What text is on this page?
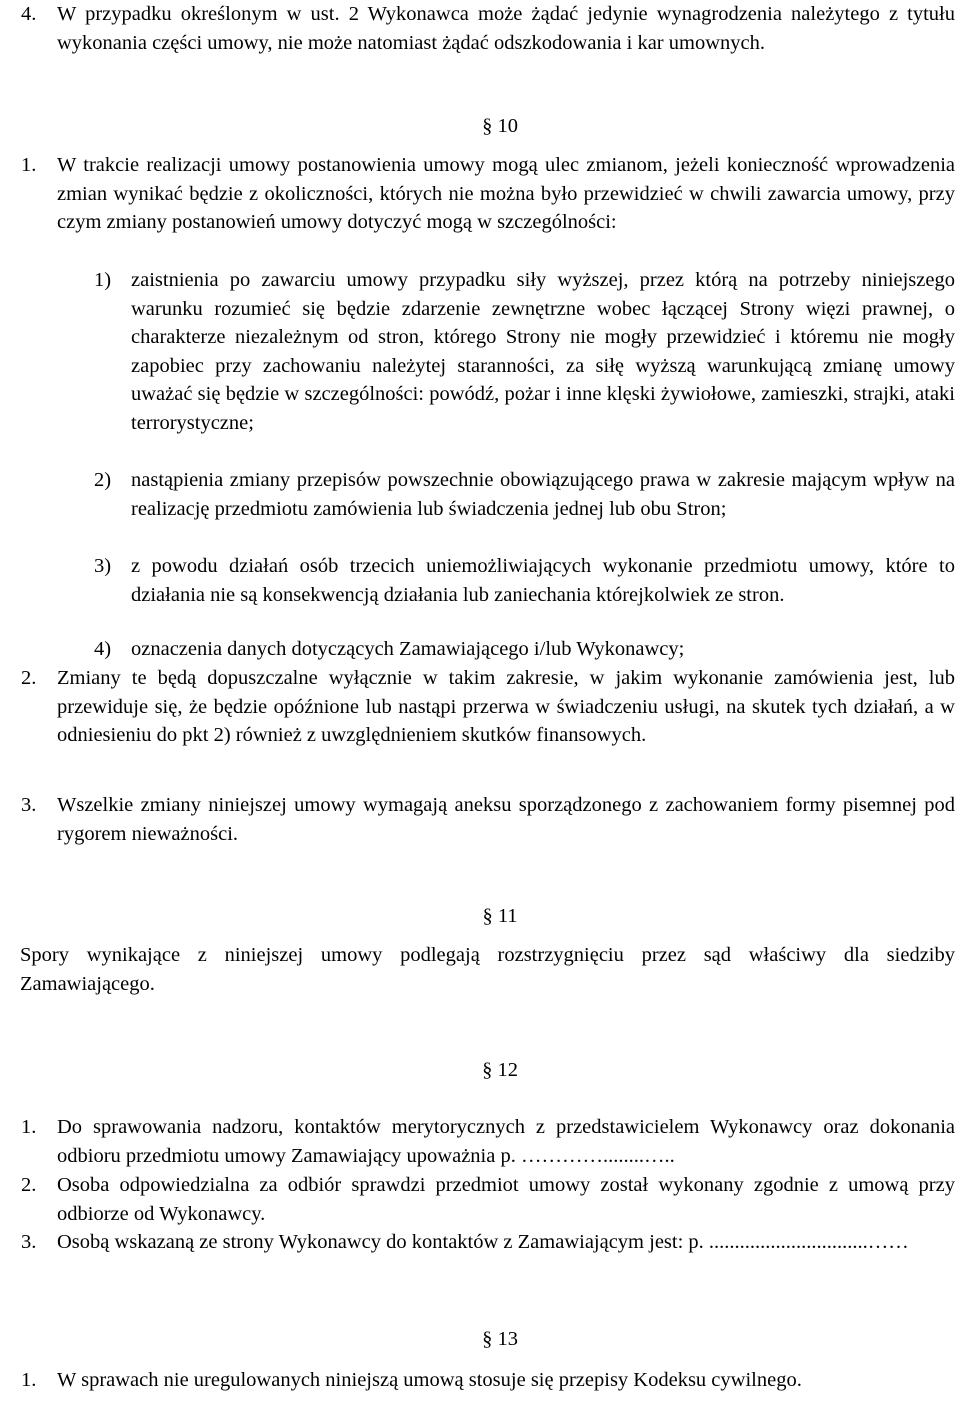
4. W przypadku określonym w ust. 2 Wykonawca może żądać jedynie wynagrodzenia należytego z tytułu wykonania części umowy, nie może natomiast żądać odszkodowania i kar umownych.
§ 10
1. W trakcie realizacji umowy postanowienia umowy mogą ulec zmianom, jeżeli konieczność wprowadzenia zmian wynikać będzie z okoliczności, których nie można było przewidzieć w chwili zawarcia umowy, przy czym zmiany postanowień umowy dotyczyć mogą w szczególności:
1) zaistnienia po zawarciu umowy przypadku siły wyższej, przez którą na potrzeby niniejszego warunku rozumieć się będzie zdarzenie zewnętrzne wobec łączącej Strony więzi prawnej, o charakterze niezależnym od stron, którego Strony nie mogły przewidzieć i któremu nie mogły zapobiec przy zachowaniu należytej staranności, za siłę wyższą warunkującą zmianę umowy uważać się będzie w szczególności: powódź, pożar i inne klęski żywiołowe, zamieszki, strajki, ataki terrorystyczne;
2) nastąpienia zmiany przepisów powszechnie obowiązującego prawa w zakresie mającym wpływ na realizację przedmiotu zamówienia lub świadczenia jednej lub obu Stron;
3) z powodu działań osób trzecich uniemożliwiających wykonanie przedmiotu umowy, które to działania nie są konsekwencją działania lub zaniechania którejkolwiek ze stron.
4) oznaczenia danych dotyczących Zamawiającego i/lub Wykonawcy;
2. Zmiany te będą dopuszczalne wyłącznie w takim zakresie, w jakim wykonanie zamówienia jest, lub przewiduje się, że będzie opóźnione lub nastąpi przerwa w świadczeniu usługi, na skutek tych działań, a w odniesieniu do pkt 2) również z uwzględnieniem skutków finansowych.
3. Wszelkie zmiany niniejszej umowy wymagają aneksu sporządzonego z zachowaniem formy pisemnej pod rygorem nieważności.
§ 11
Spory wynikające z niniejszej umowy podlegają rozstrzygnięciu przez sąd właściwy dla siedziby Zamawiającego.
§ 12
1. Do sprawowania nadzoru, kontaktów merytorycznych z przedstawicielem Wykonawcy oraz dokonania odbioru przedmiotu umowy Zamawiający upoważnia p. …………........…..
2. Osoba odpowiedzialna za odbiór sprawdzi przedmiot umowy został wykonany zgodnie z umową przy odbiorze od Wykonawcy.
3. Osobą wskazaną ze strony Wykonawcy do kontaktów z Zamawiającym jest: p. ...............................……
§ 13
1. W sprawach nie uregulowanych niniejszą umową stosuje się przepisy Kodeksu cywilnego.
